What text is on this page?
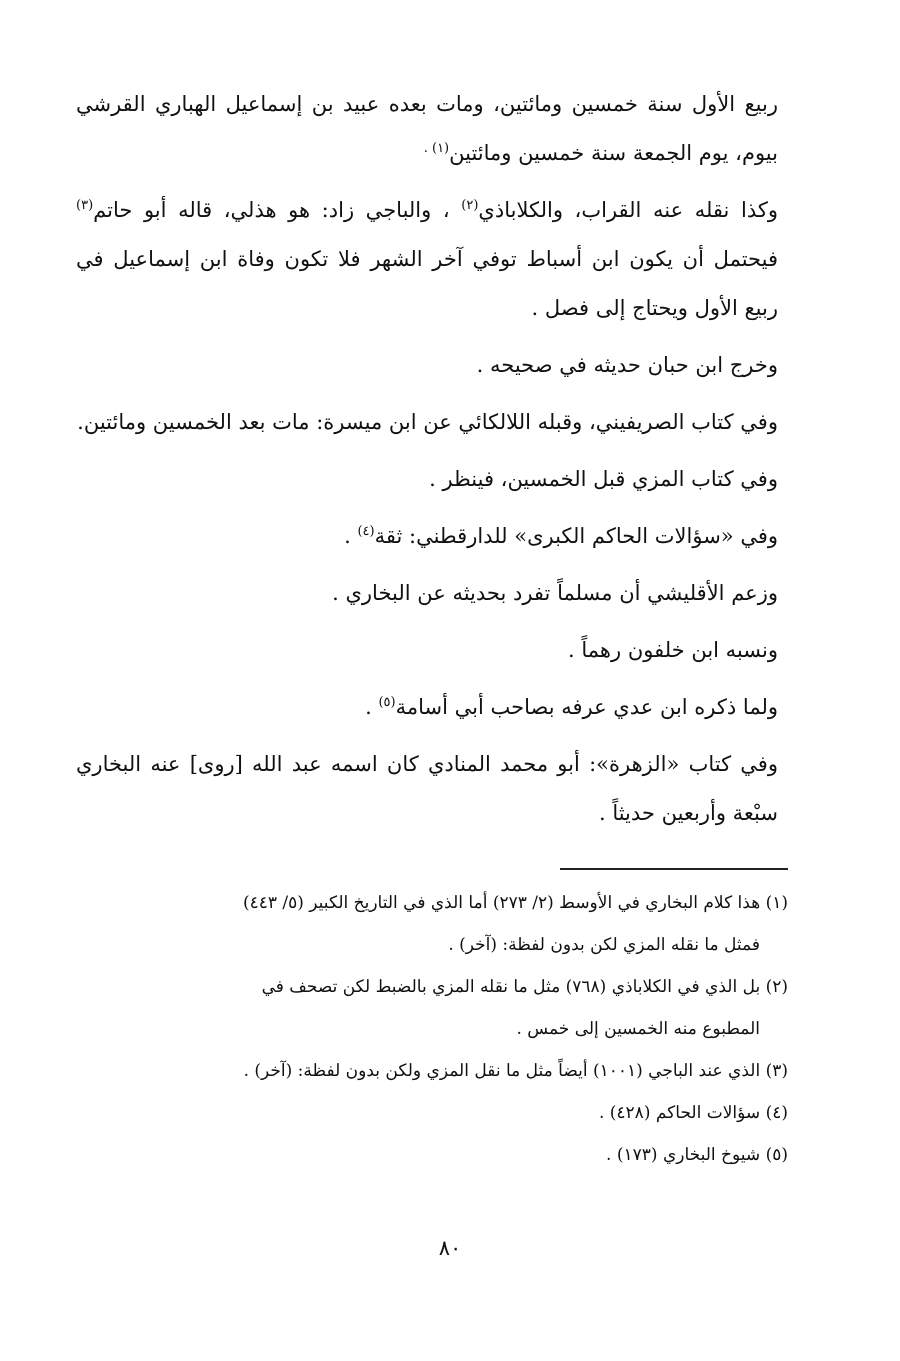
ربيع الأول سنة خمسين ومائتين، ومات بعده عبيد بن إسماعيل الهباري القرشي بيوم، يوم الجمعة سنة خمسين ومائتين$^{(١) .}$

وكذا نقله عنه القراب، والكلاباذي$^{(٢)}$ ، والباجي زاد: هو هذلي، قاله أبو حاتم$^{(٣)}$ فيحتمل أن يكون ابن أسباط توفي آخر الشهر فلا تكون وفاة ابن إسماعيل في ربيع الأول ويحتاج إلى فصل .

وخرج ابن حبان حديثه في صحيحه .

وفي كتاب الصريفيني، وقبله اللالكائي عن ابن ميسرة: مات بعد الخمسين ومائتين.

وفي كتاب المزي قبل الخمسين، فينظر .

وفي «سؤالات الحاكم الكبرى» للدارقطني: ثقة$^{(٤)}$ .

وزعم الأقليشي أن مسلماً تفرد بحديثه عن البخاري .

ونسبه ابن خلفون رهماً .

ولما ذكره ابن عدي عرفه بصاحب أبي أسامة$^{(٥)}$ .

وفي كتاب «الزهرة»: أبو محمد المنادي كان اسمه عبد الله [روى] عنه البخاري سبْعة وأربعين حديثاً .

(١) هذا كلام البخاري في الأوسط (٢/ ٢٧٣) أما الذي في التاريخ الكبير (٥/ ٤٤٣)

فمثل ما نقله المزي لكن بدون لفظة: (آخر) .

(٢) بل الذي في الكلاباذي (٧٦٨) مثل ما نقله المزي بالضبط لكن تصحف في

المطبوع منه الخمسين إلى خمس .

(٣) الذي عند الباجي (١٠٠١) أيضاً مثل ما نقل المزي ولكن بدون لفظة: (آخر) .

(٤) سؤالات الحاكم (٤٢٨) .

(٥) شيوخ البخاري (١٧٣) .

٨٠
